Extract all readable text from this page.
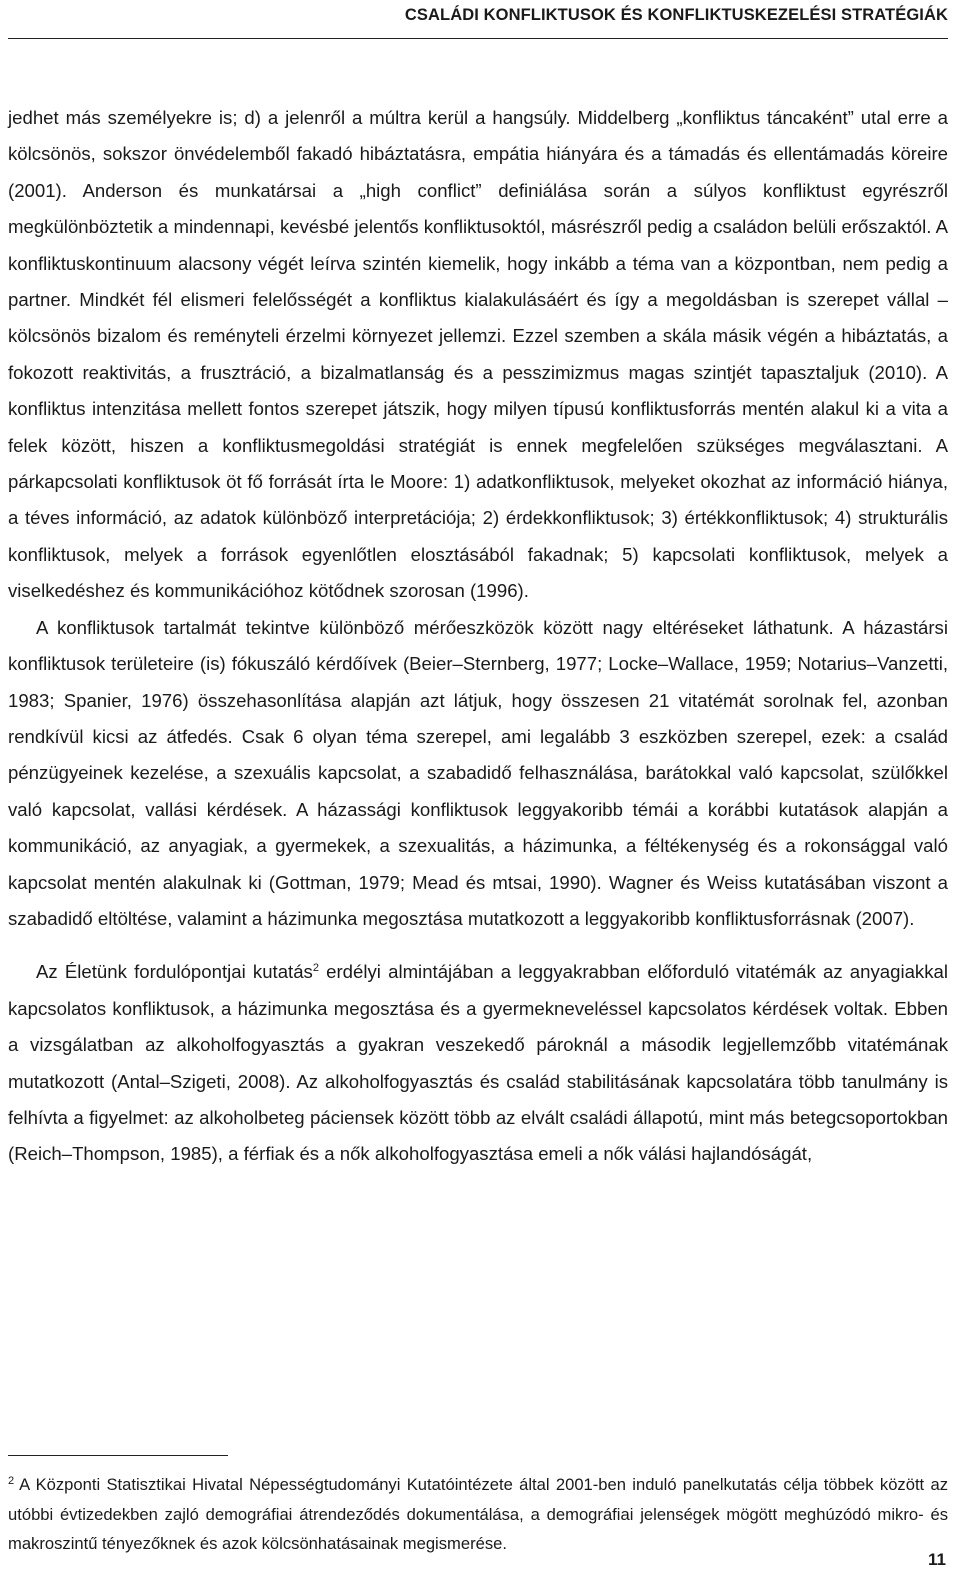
CSALÁDI KONFLIKTUSOK ÉS KONFLIKTUSKEZELÉSI STRATÉGIÁK

jedhet más személyekre is; d) a jelenről a múltra kerül a hangsúly. Middelberg „konfliktus táncaként” utal erre a kölcsönös, sokszor önvédelemből fakadó hibáztatásra, empátia hiányára és a támadás és ellentámadás köreire (2001). Anderson és munkatársai a „high conflict” definiálása során a súlyos konfliktust egyrészről megkülönböztetik a mindennapi, kevésbé jelentős konfliktusoktól, másrészről pedig a családon belüli erőszaktól. A konfliktuskontinuum alacsony végét leírva szintén kiemelik, hogy inkább a téma van a központban, nem pedig a partner. Mindkét fél elismeri felelősségét a konfliktus kialakulásáért és így a megoldásban is szerepet vállal – kölcsönös bizalom és reményteli érzelmi környezet jellemzi. Ezzel szemben a skála másik végén a hibáztatás, a fokozott reaktivitás, a frusztráció, a bizalmatlanság és a pesszimizmus magas szintjét tapasztaljuk (2010). A konfliktus intenzitása mellett fontos szerepet játszik, hogy milyen típusú konfliktusforrás mentén alakul ki a vita a felek között, hiszen a konfliktusmegoldási stratégiát is ennek megfelelően szükséges megválasztani. A párkapcsolati konfliktusok öt fő forrását írta le Moore: 1) adatkonfliktusok, melyeket okozhat az információ hiánya, a téves információ, az adatok különböző interpretációja; 2) érdekkonfliktusok; 3) értékkonfliktusok; 4) strukturális konfliktusok, melyek a források egyenlőtlen elosztásából fakadnak; 5) kapcsolati konfliktusok, melyek a viselkedéshez és kommunikációhoz kötődnek szorosan (1996).

A konfliktusok tartalmát tekintve különböző mérőeszközök között nagy eltéréseket láthatunk. A házastársi konfliktusok területeire (is) fókuszáló kérdőívek (Beier–Sternberg, 1977; Locke–Wallace, 1959; Notarius–Vanzetti, 1983; Spanier, 1976) összehasonlítása alapján azt látjuk, hogy összesen 21 vitatémát sorolnak fel, azonban rendkívül kicsi az átfedés. Csak 6 olyan téma szerepel, ami legalább 3 eszközben szerepel, ezek: a család pénzügyeinek kezelése, a szexuális kapcsolat, a szabadidő felhasználása, barátokkal való kapcsolat, szülőkkel való kapcsolat, vallási kérdések. A házassági konfliktusok leggyakoribb témái a korábbi kutatások alapján a kommunikáció, az anyagiak, a gyermekek, a szexualitás, a házimunka, a féltékenység és a rokonsággal való kapcsolat mentén alakulnak ki (Gottman, 1979; Mead és mtsai, 1990). Wagner és Weiss kutatásában viszont a szabadidő eltöltése, valamint a házimunka megosztása mutatkozott a leggyakoribb konfliktusforrásnak (2007).

Az Életünk fordulópontjai kutatás$^2$ erdélyi almintájában a leggyakrabban előforduló vitatémák az anyagiakkal kapcsolatos konfliktusok, a házimunka megosztása és a gyermekneveléssel kapcsolatos kérdések voltak. Ebben a vizsgálatban az alkoholfogyasztás a gyakran veszekedő pároknál a második legjellemzőbb vitatémának mutatkozott (Antal–Szigeti, 2008). Az alkoholfogyasztás és család stabilitásának kapcsolatára több tanulmány is felhívta a figyelmet: az alkoholbeteg páciensek között több az elvált családi állapotú, mint más betegcsoportokban (Reich–Thompson, 1985), a férfiak és a nők alkoholfogyasztása emeli a nők válási hajlandóságát,

$^2$ A Központi Statisztikai Hivatal Népességtudományi Kutatóintézete által 2001-ben induló panelkutatás célja többek között az utóbbi évtizedekben zajló demográfiai átrendeződés dokumentálása, a demográfiai jelenségek mögött meghúzódó mikro- és makroszintű tényezőknek és azok kölcsönhatásainak megismerése.
11
